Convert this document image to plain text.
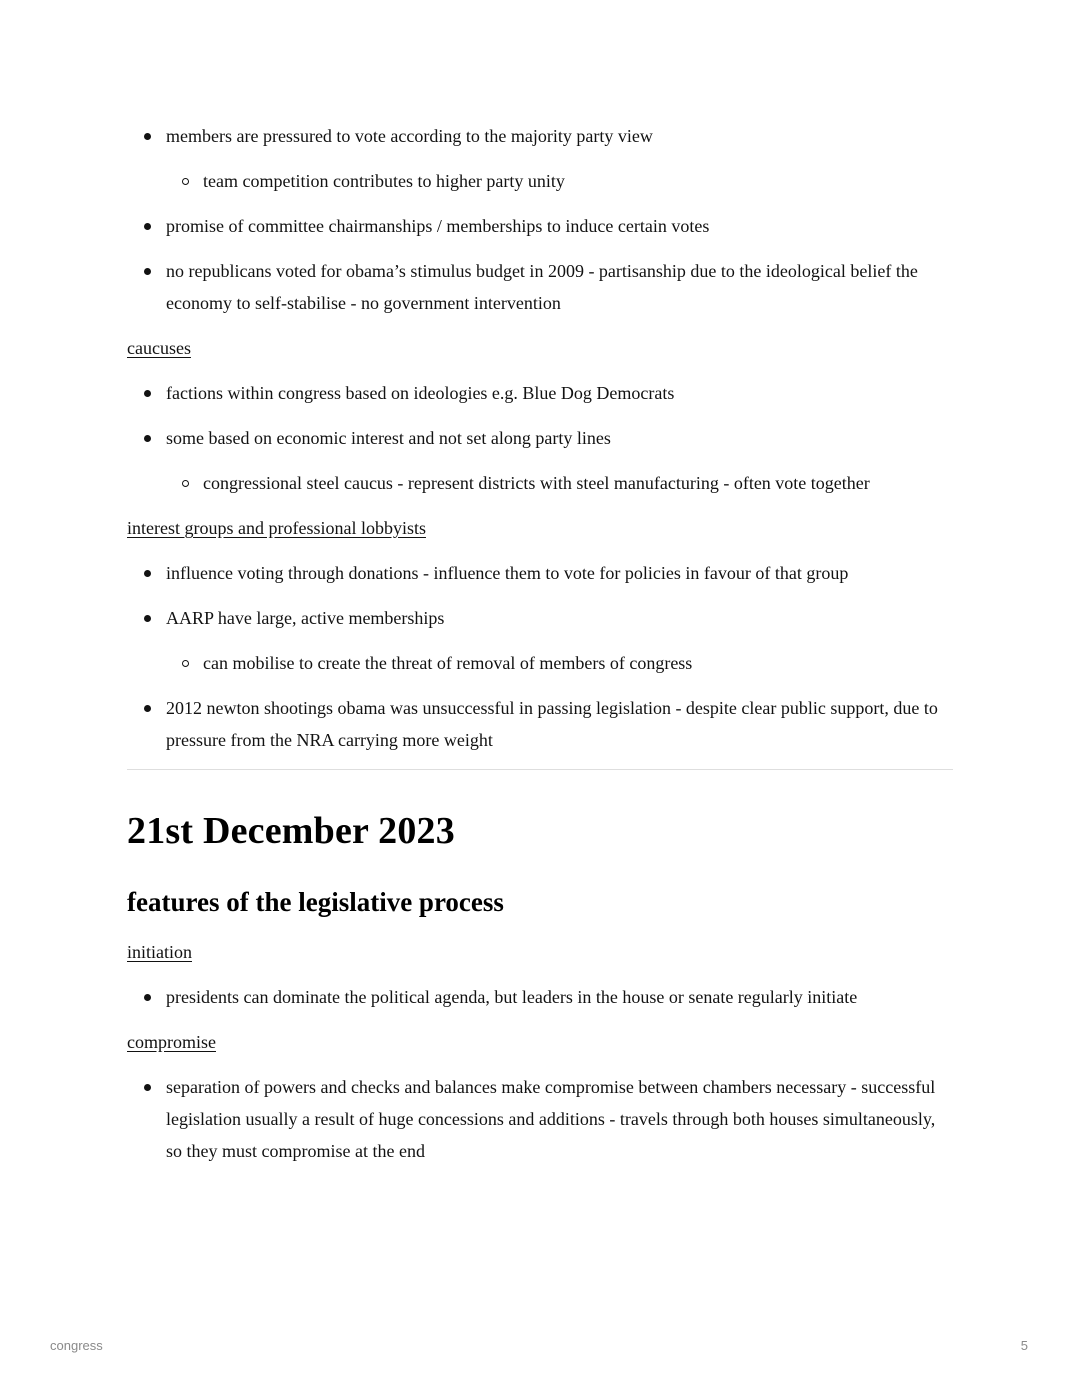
members are pressured to vote according to the majority party view
team competition contributes to higher party unity
promise of committee chairmanships / memberships to induce certain votes
no republicans voted for obama’s stimulus budget in 2009 - partisanship due to the ideological belief the economy to self-stabilise - no government intervention
caucuses
factions within congress based on ideologies e.g. Blue Dog Democrats
some based on economic interest and not set along party lines
congressional steel caucus - represent districts with steel manufacturing - often vote together
interest groups and professional lobbyists
influence voting through donations - influence them to vote for policies in favour of that group
AARP have large, active memberships
can mobilise to create the threat of removal of members of congress
2012 newton shootings obama was unsuccessful in passing legislation - despite clear public support, due to pressure from the NRA carrying more weight
21st December 2023
features of the legislative process
initiation
presidents can dominate the political agenda, but leaders in the house or senate regularly initiate
compromise
separation of powers and checks and balances make compromise between chambers necessary - successful legislation usually a result of huge concessions and additions - travels through both houses simultaneously, so they must compromise at the end
congress	5
